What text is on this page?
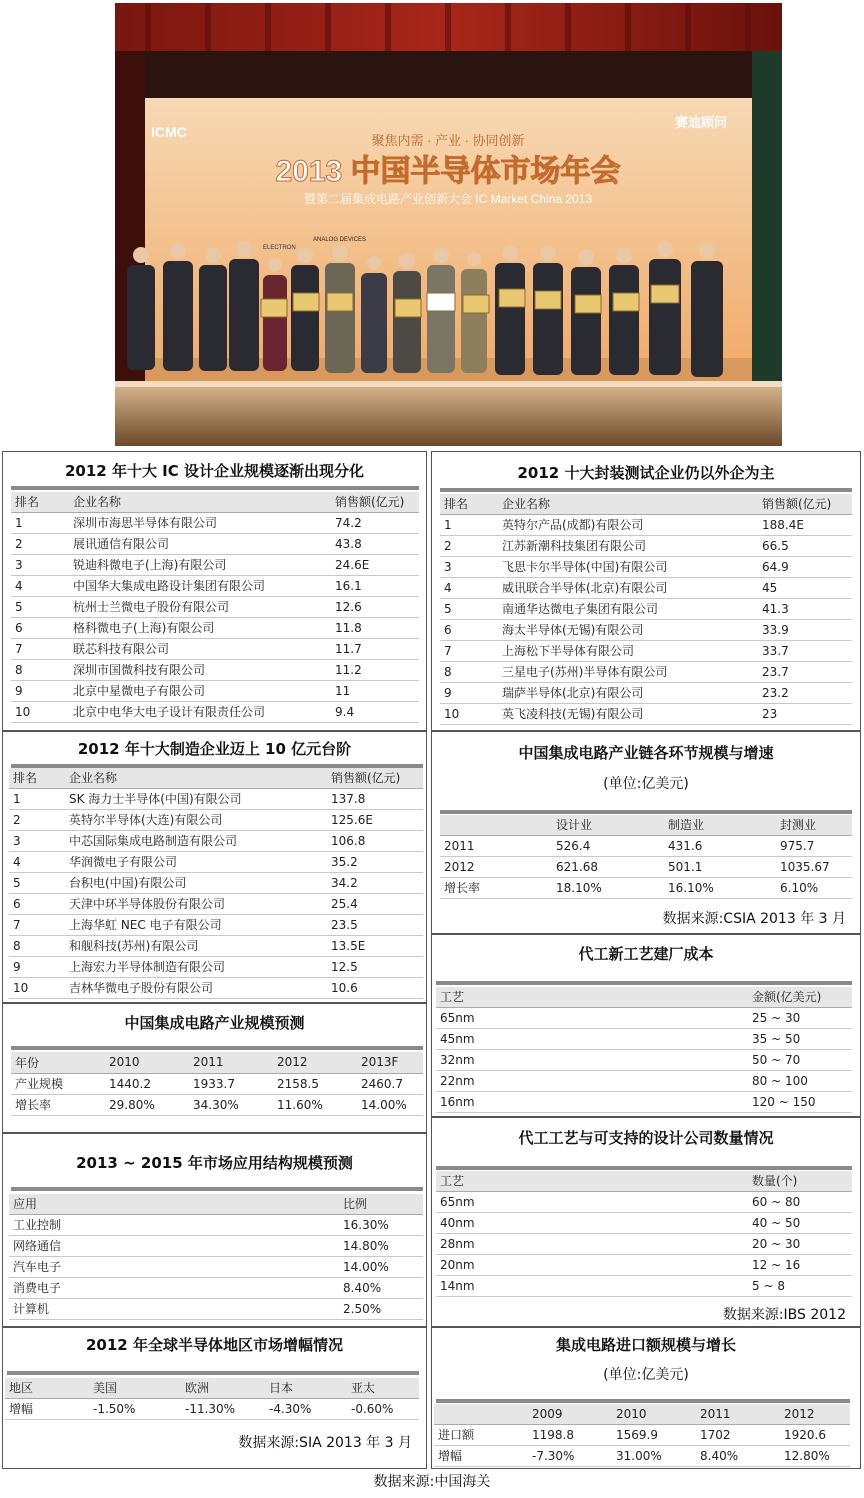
ICMC
赛迪顾问
聚焦内需 · 产业 · 协同创新
2013 中国半导体市场年会
暨第二届集成电路产业创新大会 IC Market China 2013
ELECTRON
ANALOG DEVICES
2012 年十大 IC 设计企业规模逐渐出现分化
排名	企业名称	销售额(亿元)
1	深圳市海思半导体有限公司	74.2
2	展讯通信有限公司	43.8
3	锐迪科微电子(上海)有限公司	24.6E
4	中国华大集成电路设计集团有限公司	16.1
5	杭州士兰微电子股份有限公司	12.6
6	格科微电子(上海)有限公司	11.8
7	联芯科技有限公司	11.7
8	深圳市国微科技有限公司	11.2
9	北京中星微电子有限公司	11
10	北京中电华大电子设计有限责任公司	9.4
2012 十大封装测试企业仍以外企为主
排名	企业名称	销售额(亿元)
1	英特尔产品(成都)有限公司	188.4E
2	江苏新潮科技集团有限公司	66.5
3	飞思卡尔半导体(中国)有限公司	64.9
4	威讯联合半导体(北京)有限公司	45
5	南通华达微电子集团有限公司	41.3
6	海太半导体(无锡)有限公司	33.9
7	上海松下半导体有限公司	33.7
8	三星电子(苏州)半导体有限公司	23.7
9	瑞萨半导体(北京)有限公司	23.2
10	英飞凌科技(无锡)有限公司	23
2012 年十大制造企业迈上 10 亿元台阶
排名	企业名称	销售额(亿元)
1	SK 海力士半导体(中国)有限公司	137.8
2	英特尔半导体(大连)有限公司	125.6E
3	中芯国际集成电路制造有限公司	106.8
4	华润微电子有限公司	35.2
5	台积电(中国)有限公司	34.2
6	天津中环半导体股份有限公司	25.4
7	上海华虹 NEC 电子有限公司	23.5
8	和舰科技(苏州)有限公司	13.5E
9	上海宏力半导体制造有限公司	12.5
10	吉林华微电子股份有限公司	10.6
中国集成电路产业链各环节规模与增速
(单位:亿美元)
	设计业	制造业	封测业
2011	526.4	431.6	975.7
2012	621.68	501.1	1035.67
增长率	18.10%	16.10%	6.10%
数据来源:CSIA 2013 年 3 月
中国集成电路产业规模预测
年份	2010	2011	2012	2013F
产业规模	1440.2	1933.7	2158.5	2460.7
增长率	29.80%	34.30%	11.60%	14.00%
代工新工艺建厂成本
工艺	金额(亿美元)
65nm	25 ~ 30
45nm	35 ~ 50
32nm	50 ~ 70
22nm	80 ~ 100
16nm	120 ~ 150
2013 ~ 2015 年市场应用结构规模预测
应用	比例
工业控制	16.30%
网络通信	14.80%
汽车电子	14.00%
消费电子	8.40%
计算机	2.50%
代工工艺与可支持的设计公司数量情况
工艺	数量(个)
65nm	60 ~ 80
40nm	40 ~ 50
28nm	20 ~ 30
20nm	12 ~ 16
14nm	5 ~ 8
数据来源:IBS 2012
2012 年全球半导体地区市场增幅情况
地区	美国	欧洲	日本	亚太
增幅	-1.50%	-11.30%	-4.30%	-0.60%
数据来源:SIA 2013 年 3 月
集成电路进口额规模与增长
(单位:亿美元)
	2009	2010	2011	2012
进口额	1198.8	1569.9	1702	1920.6
增幅	-7.30%	31.00%	8.40%	12.80%
数据来源:中国海关
